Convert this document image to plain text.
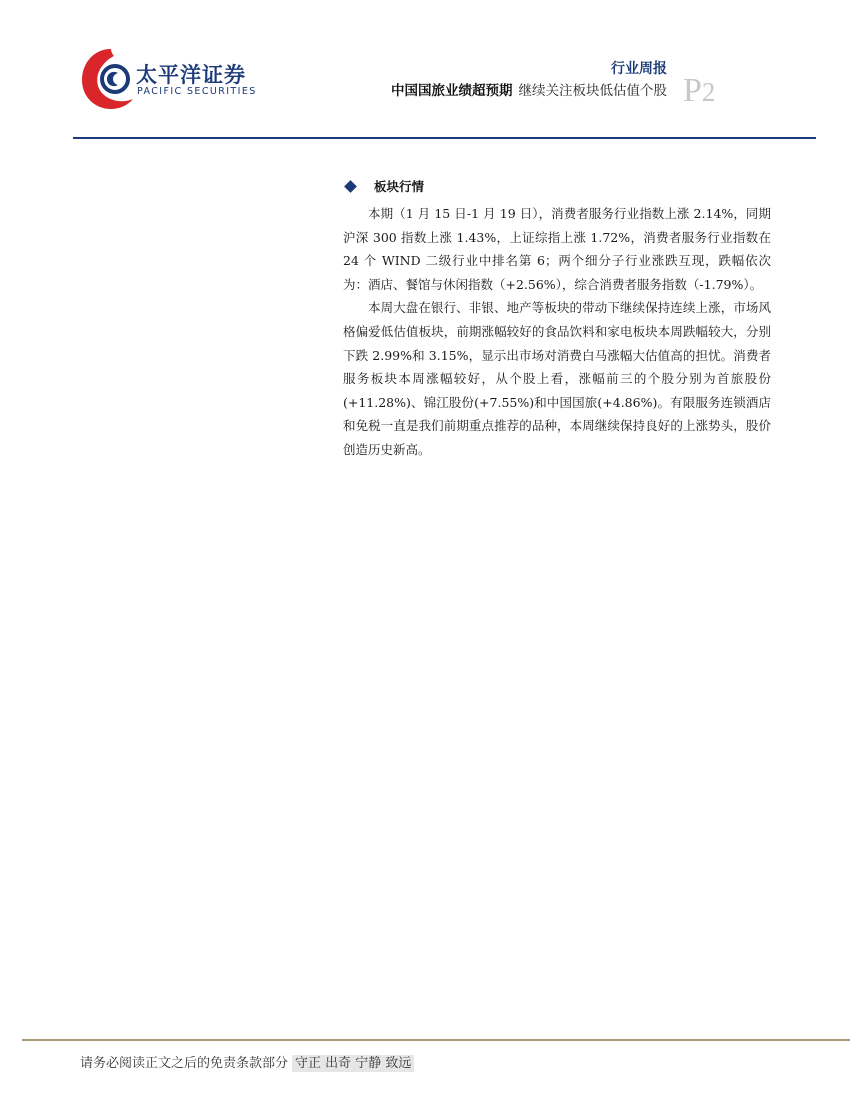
太平洋证券
PACIFIC SECURITIES
行业周报
中国国旅业绩超预期 继续关注板块低估值个股 P2
板块行情

本期（1 月 15 日-1 月 19 日），消费者服务行业指数上涨 2.14%，同期沪深 300 指数上涨 1.43%，上证综指上涨 1.72%，消费者服务行业指数在 24 个 WIND 二级行业中排名第 6；两个细分子行业涨跌互现，跌幅依次为：酒店、餐馆与休闲指数（+2.56%），综合消费者服务指数（-1.79%）。

本周大盘在银行、非银、地产等板块的带动下继续保持连续上涨，市场风格偏爱低估值板块，前期涨幅较好的食品饮料和家电板块本周跌幅较大，分别下跌 2.99%和 3.15%，显示出市场对消费白马涨幅大估值高的担忧。消费者服务板块本周涨幅较好，从个股上看，涨幅前三的个股分别为首旅股份(+11.28%)、锦江股份(+7.55%)和中国国旅(+4.86%)。有限服务连锁酒店和免税一直是我们前期重点推荐的品种，本周继续保持良好的上涨势头，股价创造历史新高。

请务必阅读正文之后的免责条款部分 守正 出奇 宁静 致远
